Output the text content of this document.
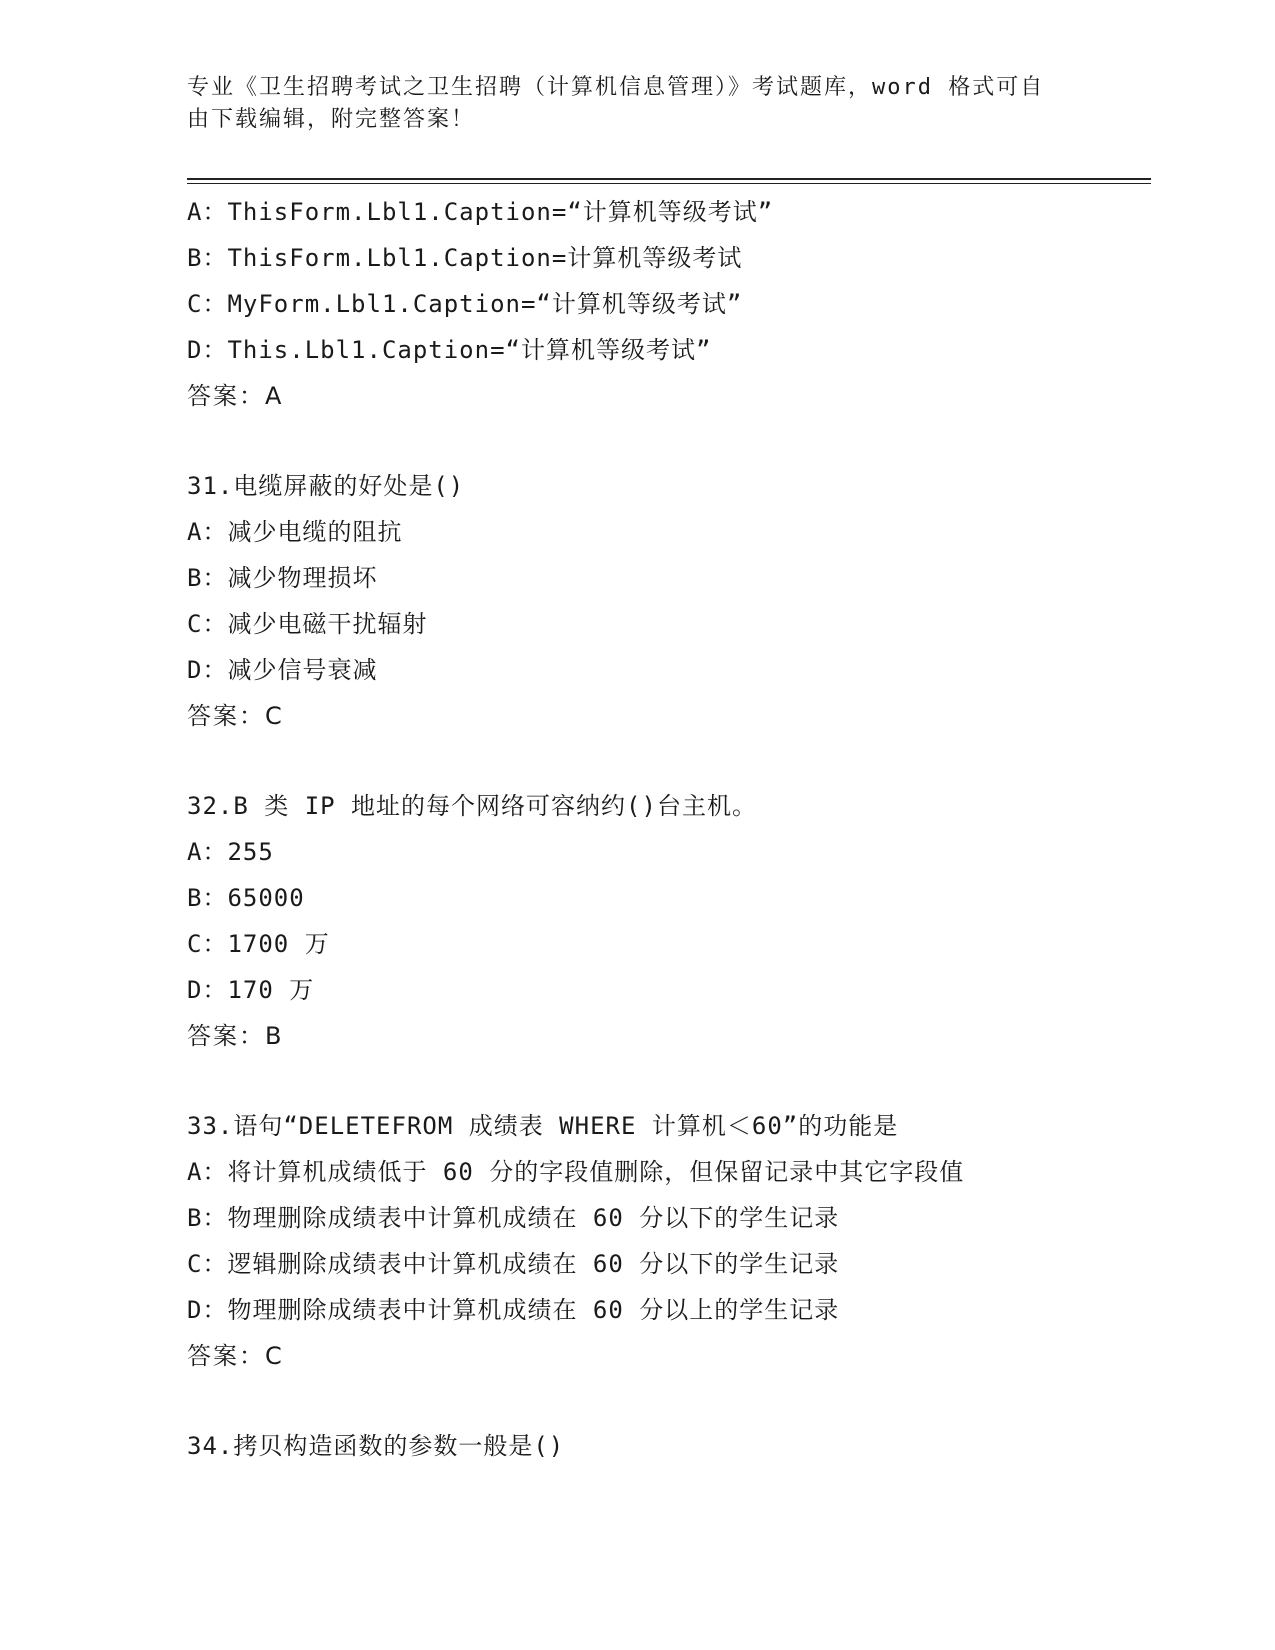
专业《卫生招聘考试之卫生招聘（计算机信息管理）》考试题库，word 格式可自
由下载编辑，附完整答案！
A：ThisForm.Lbl1.Caption=“计算机等级考试”
B：ThisForm.Lbl1.Caption=计算机等级考试
C：MyForm.Lbl1.Caption=“计算机等级考试”
D：This.Lbl1.Caption=“计算机等级考试”
答案：A
31.电缆屏蔽的好处是()
A：减少电缆的阻抗
B：减少物理损坏
C：减少电磁干扰辐射
D：减少信号衰减
答案：C
32.B 类 IP 地址的每个网络可容纳约()台主机。
A：255
B：65000
C：1700 万
D：170 万
答案：B
33.语句“DELETEFROM 成绩表 WHERE 计算机＜60”的功能是
A：将计算机成绩低于 60 分的字段值删除，但保留记录中其它字段值
B：物理删除成绩表中计算机成绩在 60 分以下的学生记录
C：逻辑删除成绩表中计算机成绩在 60 分以下的学生记录
D：物理删除成绩表中计算机成绩在 60 分以上的学生记录
答案：C
34.拷贝构造函数的参数一般是()
